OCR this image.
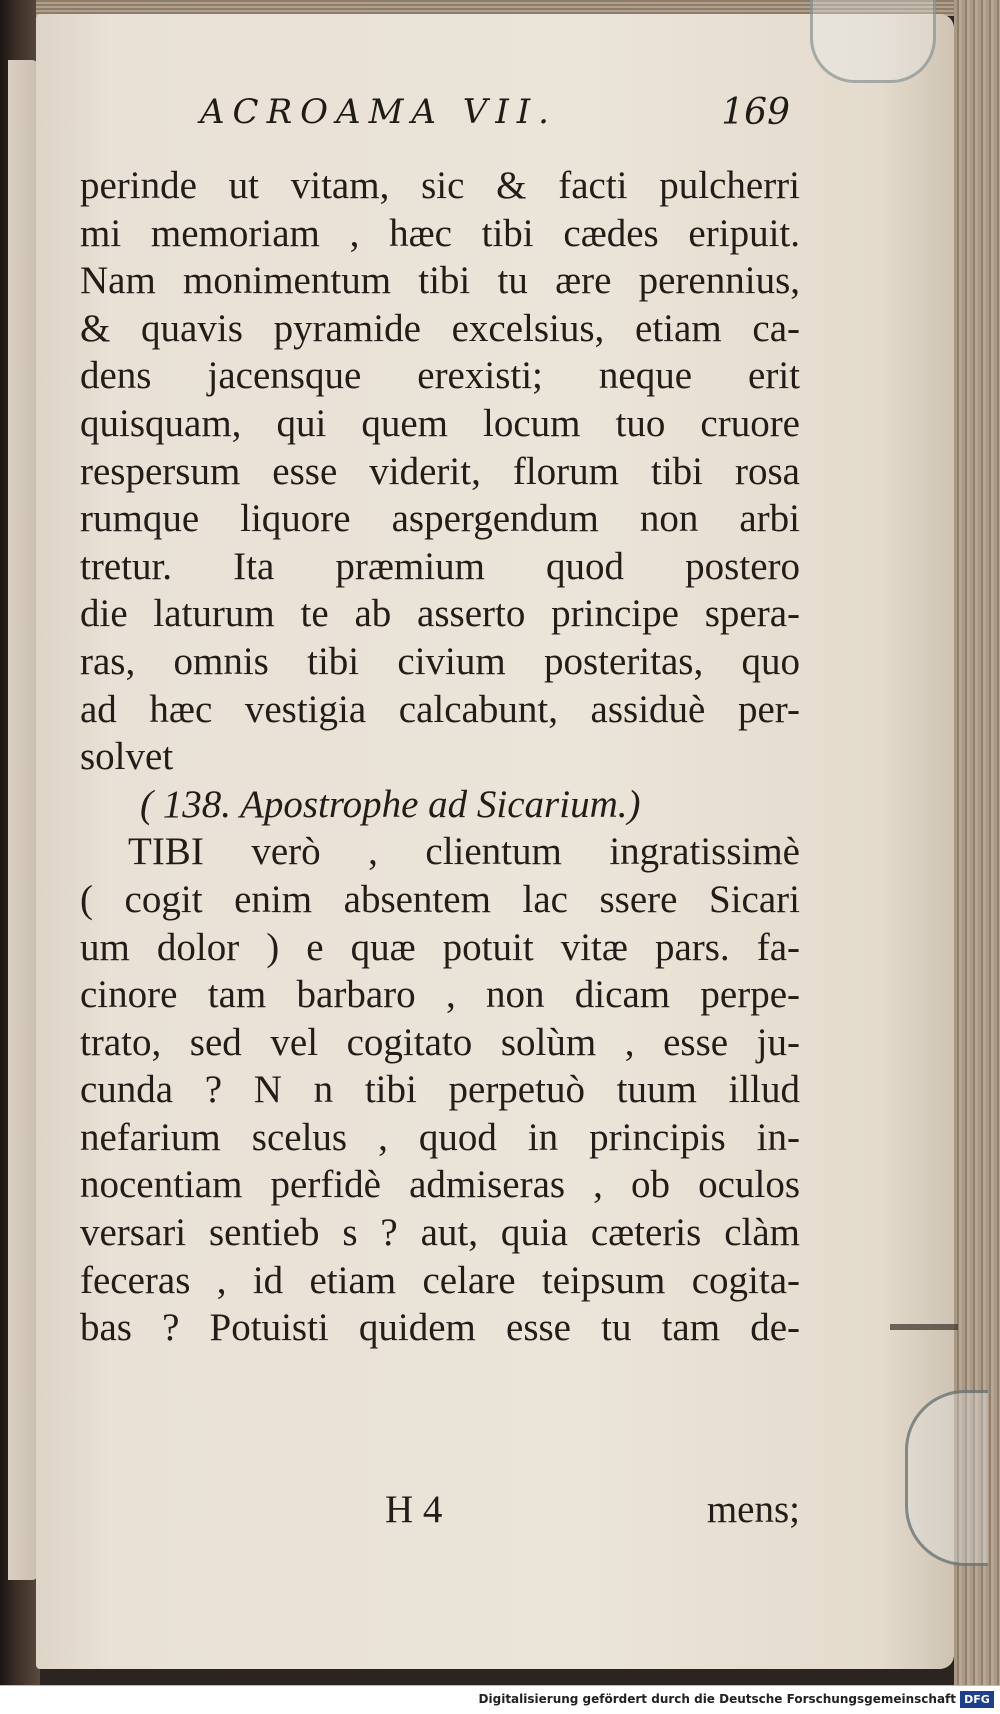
ACROAMA VII.	169
perinde ut vitam, sic & facti pulcherri
mi memoriam , hæc tibi cædes eripuit.
Nam monimentum tibi tu ære perennius,
& quavis pyramide excelsius, etiam ca-
dens jacensque erexisti; neque erit
quisquam, qui quem locum tuo cruore
respersum esse viderit, florum tibi rosa
rumque liquore aspergendum non arbi
tretur. Ita præmium quod postero
die laturum te ab asserto principe spera-
ras, omnis tibi civium posteritas, quo
ad hæc vestigia calcabunt, assiduè per-
solvet
( 138. Apostrophe ad Sicarium.)
TIBI verò , clientum ingratissimè
( cogit enim absentem lac ssere Sicari
um dolor ) e quæ potuit vitæ pars. fa-
cinore tam barbaro , non dicam perpe-
trato, sed vel cogitato solùm , esse ju-
cunda ? N n tibi perpetuò tuum illud
nefarium scelus , quod in principis in-
nocentiam perfidè admiseras , ob oculos
versari sentieb s ? aut, quia cæteris clàm
feceras , id etiam celare teipsum cogita-
bas ? Potuisti quidem esse tu tam de-
H 4	mens;
Digitalisierung gefördert durch die Deutsche Forschungsgemeinschaft DFG
